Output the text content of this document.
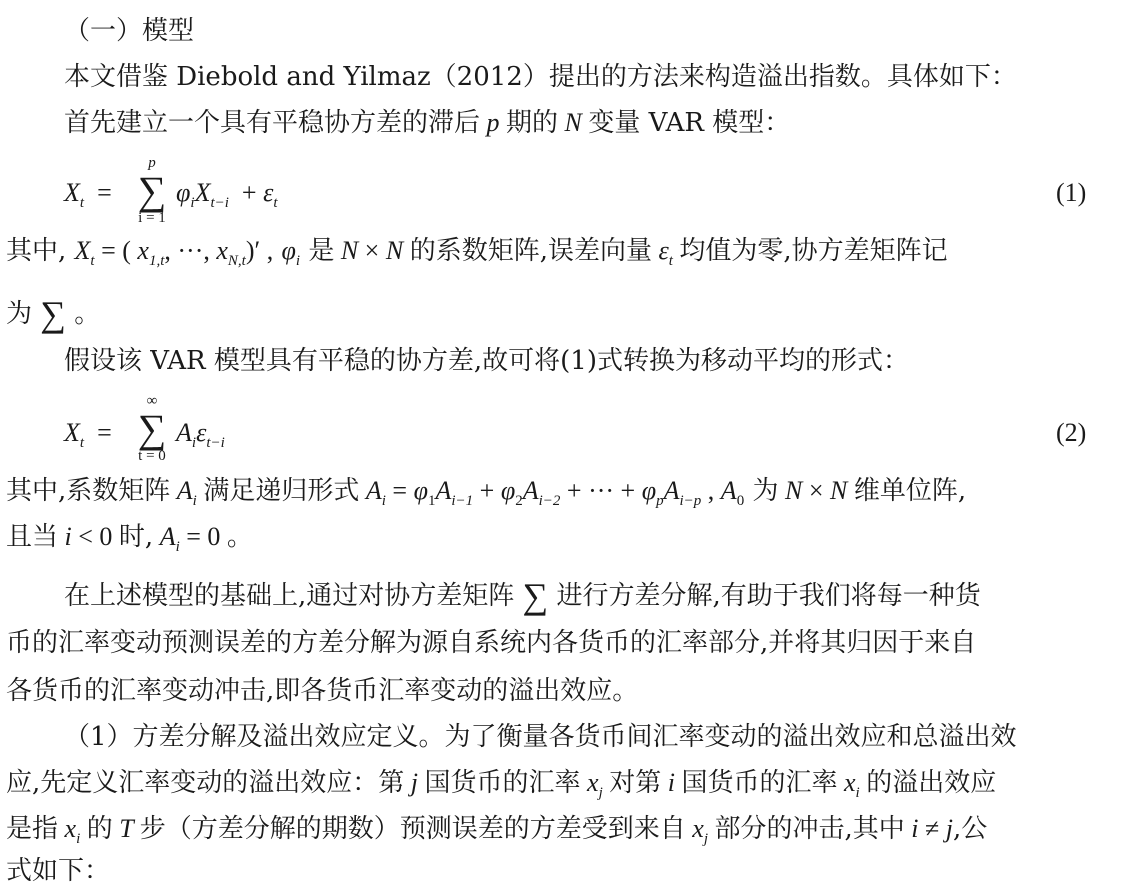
（一）模型
本文借鉴 Diebold and Yilmaz（2012）提出的方法来构造溢出指数。具体如下：
首先建立一个具有平稳协方差的滞后 p 期的 N 变量 VAR 模型：
$X_t$  =
p
∑
i = 1
$\varphi_iX_{t-i} + \varepsilon_t$	(1)
其中, $X_t$ = ( $x_{1,t}$, ···, $x_{N,t})'$ , $\varphi_i$ 是 N × N 的系数矩阵,误差向量 $\varepsilon_t$ 均值为零,协方差矩阵记
为 ∑ 。
假设该 VAR 模型具有平稳的协方差,故可将(1)式转换为移动平均的形式：
$X_t$  =
∞
∑
t = 0
$A_i\varepsilon_{t-i}$	(2)
其中,系数矩阵 $A_i$ 满足递归形式 $A_i = \varphi_1A_{i-1} + \varphi_2A_{i-2}$ + ··· + $\varphi_pA_{i-p}$ , $A_0$ 为 N × N 维单位阵,
且当 i < 0 时, $A_i = 0$ 。
在上述模型的基础上,通过对协方差矩阵 ∑ 进行方差分解,有助于我们将每一种货
币的汇率变动预测误差的方差分解为源自系统内各货币的汇率部分,并将其归因于来自
各货币的汇率变动冲击,即各货币汇率变动的溢出效应。
（1）方差分解及溢出效应定义。为了衡量各货币间汇率变动的溢出效应和总溢出效
应,先定义汇率变动的溢出效应：第 j 国货币的汇率 $x_j$ 对第 i 国货币的汇率 $x_i$ 的溢出效应
是指 $x_i$ 的 T 步（方差分解的期数）预测误差的方差受到来自 $x_j$ 部分的冲击,其中 i ≠ j,公
式如下：
